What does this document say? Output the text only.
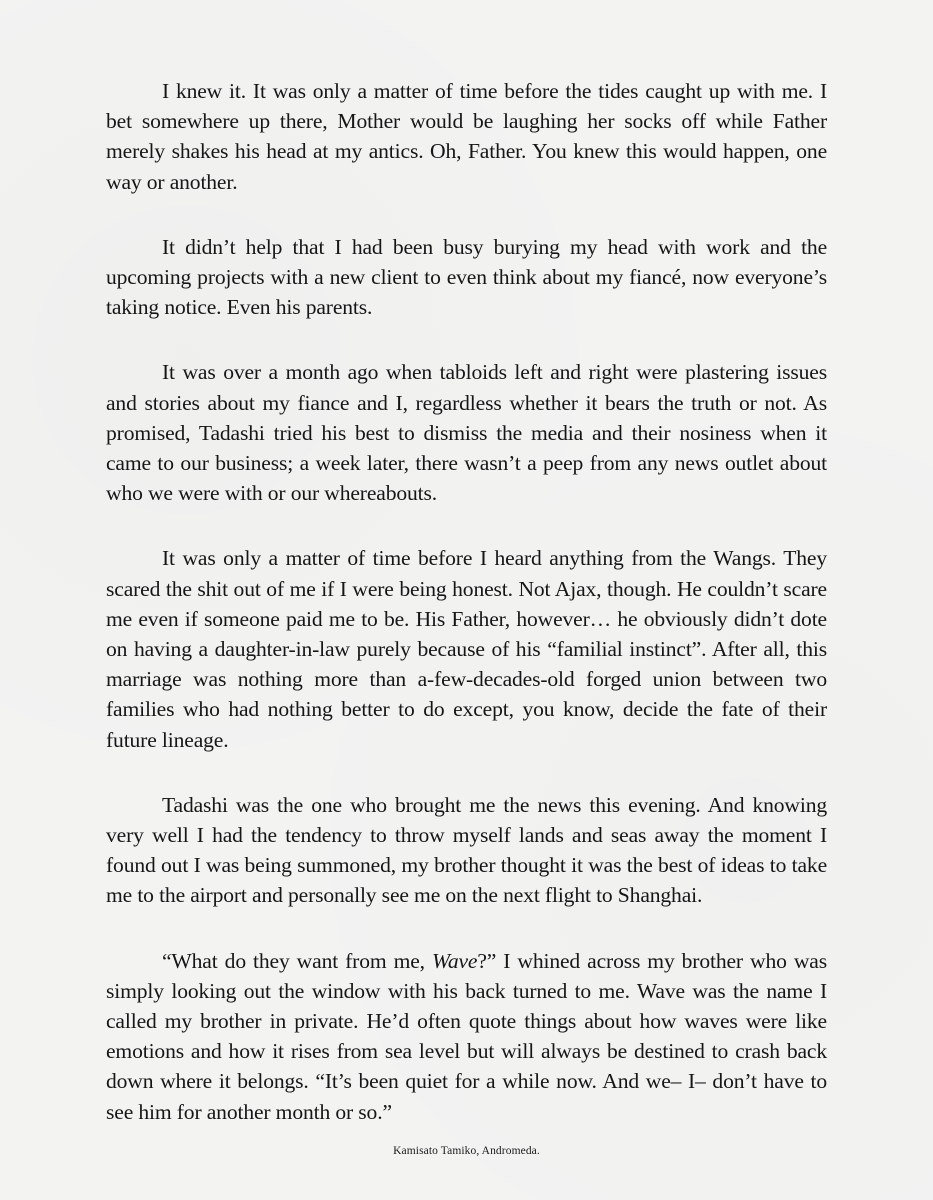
I knew it. It was only a matter of time before the tides caught up with me. I bet somewhere up there, Mother would be laughing her socks off while Father merely shakes his head at my antics. Oh, Father. You knew this would happen, one way or another.

It didn’t help that I had been busy burying my head with work and the upcoming projects with a new client to even think about my fiancé, now everyone’s taking notice. Even his parents.

It was over a month ago when tabloids left and right were plastering issues and stories about my fiance and I, regardless whether it bears the truth or not. As promised, Tadashi tried his best to dismiss the media and their nosiness when it came to our business; a week later, there wasn’t a peep from any news outlet about who we were with or our whereabouts.

It was only a matter of time before I heard anything from the Wangs. They scared the shit out of me if I were being honest. Not Ajax, though. He couldn’t scare me even if someone paid me to be. His Father, however… he obviously didn’t dote on having a daughter-in-law purely because of his “familial instinct”. After all, this marriage was nothing more than a-few-decades-old forged union between two families who had nothing better to do except, you know, decide the fate of their future lineage.

Tadashi was the one who brought me the news this evening. And knowing very well I had the tendency to throw myself lands and seas away the moment I found out I was being summoned, my brother thought it was the best of ideas to take me to the airport and personally see me on the next flight to Shanghai.

“What do they want from me, Wave?” I whined across my brother who was simply looking out the window with his back turned to me. Wave was the name I called my brother in private. He’d often quote things about how waves were like emotions and how it rises from sea level but will always be destined to crash back down where it belongs. “It’s been quiet for a while now. And we– I– don’t have to see him for another month or so.”

Kamisato Tamiko, Andromeda.
